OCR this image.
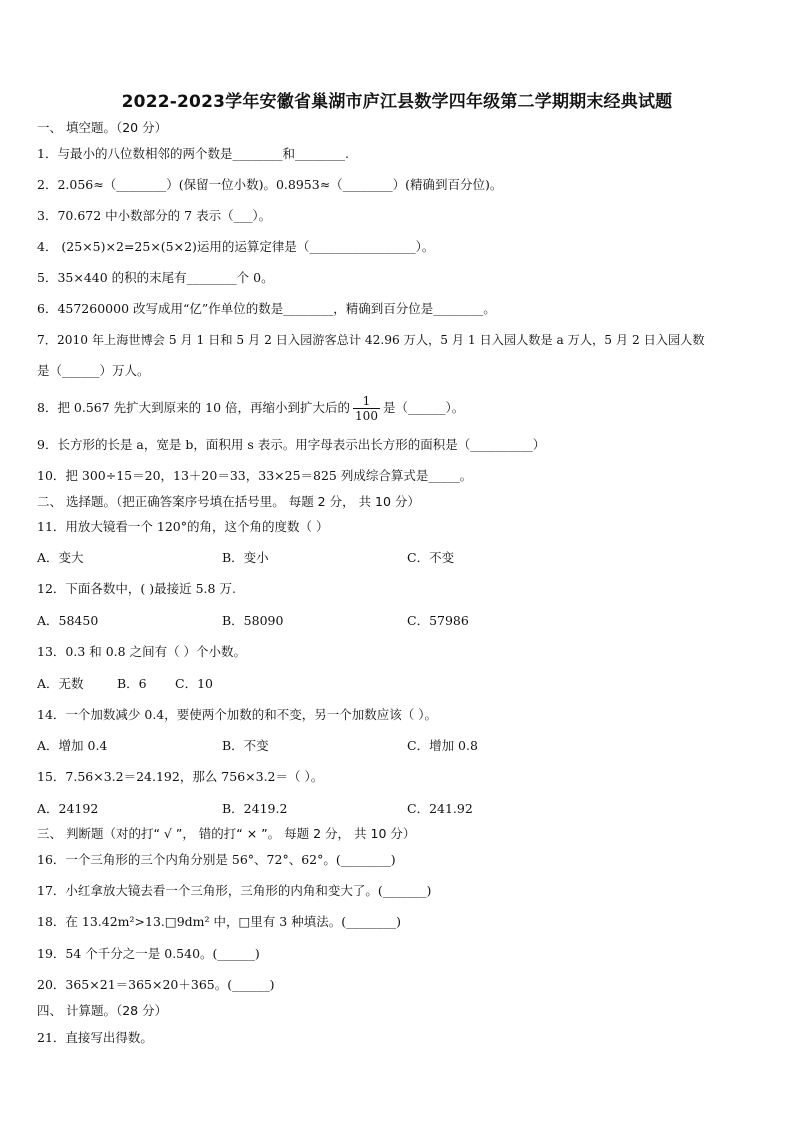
2022-2023学年安徽省巢湖市庐江县数学四年级第二学期期末经典试题
一、 填空题。（20 分）
1．与最小的八位数相邻的两个数是________和________.
2．2.056≈（________）(保留一位小数)。0.8953≈（________）(精确到百分位)。
3．70.672 中小数部分的 7 表示（___）。
4． (25×5)×2=25×(5×2)运用的运算定律是（_________________）。
5．35×440 的积的末尾有________个 0。
6．457260000 改写成用“亿”作单位的数是________，精确到百分位是________。
7．2010 年上海世博会 5 月 1 日和 5 月 2 日入园游客总计 42.96 万人，5 月 1 日入园人数是 a 万人，5 月 2 日入园人数
是（______）万人。
8．把 0.567 先扩大到原来的 10 倍，再缩小到扩大后的 $\frac{1}{100}$ 是（______）。
9．长方形的长是 a，宽是 b，面积用 s 表示。用字母表示出长方形的面积是（__________）
10．把 300÷15＝20，13＋20＝33，33×25＝825 列成综合算式是_____。
二、 选择题。（把正确答案序号填在括号里。 每题 2 分， 共 10 分）
11．用放大镜看一个 120°的角，这个角的度数（ ）
A．变大	B．变小	C．不变
12．下面各数中，( )最接近 5.8 万.
A．58450	B．58090	C．57986
13．0.3 和 0.8 之间有（ ）个小数。
A．无数	B．6 C．10
14．一个加数减少 0.4，要使两个加数的和不变，另一个加数应该（ ）。
A．增加 0.4	B．不变	C．增加 0.8
15．7.56×3.2＝24.192，那么 756×3.2＝（ ）。
A．24192	B．2419.2	C．241.92
三、 判断题（对的打“ √ ”， 错的打“ × ”。 每题 2 分， 共 10 分）
16．一个三角形的三个内角分别是 56°、72°、62°。(________)
17．小红拿放大镜去看一个三角形，三角形的内角和变大了。(_______)
18．在 13.42m²>13.□9dm² 中，□里有 3 种填法。(________)
19．54 个千分之一是 0.540。(______)
20．365×21＝365×20＋365。(______)
四、 计算题。（28 分）
21．直接写出得数。
